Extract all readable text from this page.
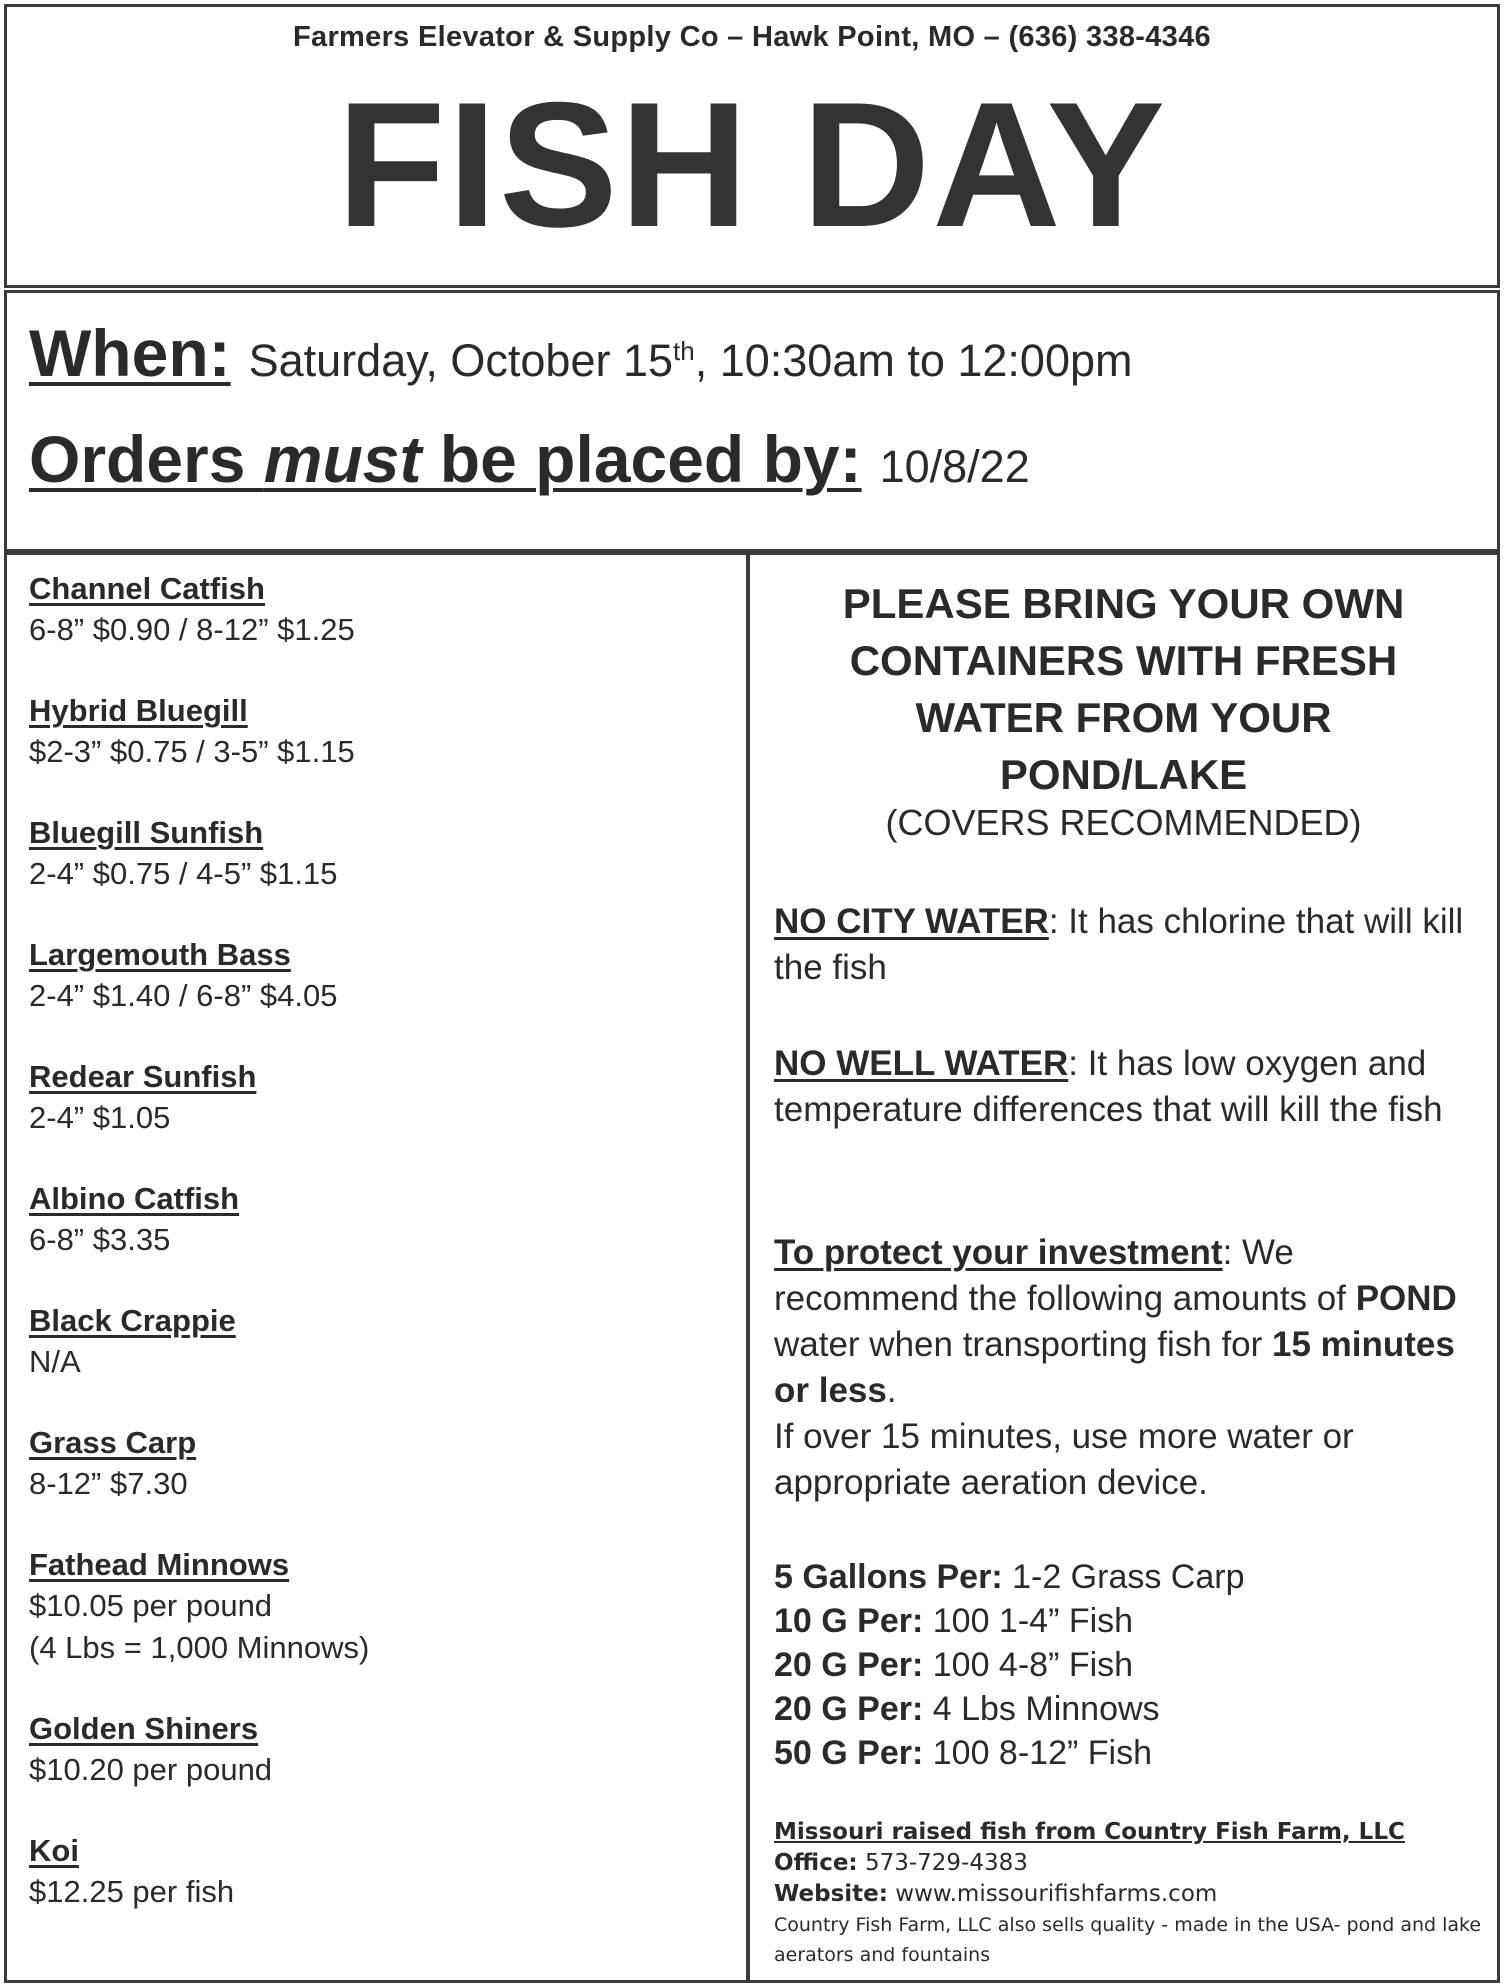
Farmers Elevator & Supply Co – Hawk Point, MO – (636) 338-4346
FISH DAY
When: Saturday, October 15th, 10:30am to 12:00pm
Orders must be placed by: 10/8/22
Channel Catfish
6-8” $0.90 / 8-12” $1.25
Hybrid Bluegill
$2-3” $0.75 / 3-5” $1.15
Bluegill Sunfish
2-4” $0.75 / 4-5” $1.15
Largemouth Bass
2-4” $1.40 / 6-8” $4.05
Redear Sunfish
2-4” $1.05
Albino Catfish
6-8” $3.35
Black Crappie
N/A
Grass Carp
8-12” $7.30
Fathead Minnows
$10.05 per pound
(4 Lbs = 1,000 Minnows)
Golden Shiners
$10.20 per pound
Koi
$12.25 per fish
PLEASE BRING YOUR OWN
CONTAINERS WITH FRESH
WATER FROM YOUR
POND/LAKE
(COVERS RECOMMENDED)
NO CITY WATER: It has chlorine that will kill the fish
NO WELL WATER: It has low oxygen and temperature differences that will kill the fish
To protect your investment: We recommend the following amounts of POND water when transporting fish for 15 minutes or less.
If over 15 minutes, use more water or appropriate aeration device.
5 Gallons Per: 1-2 Grass Carp
10 G Per: 100 1-4” Fish
20 G Per: 100 4-8” Fish
20 G Per: 4 Lbs Minnows
50 G Per: 100 8-12” Fish
Missouri raised fish from Country Fish Farm, LLC
Office: 573-729-4383
Website: www.missourifishfarms.com
Country Fish Farm, LLC also sells quality - made in the USA- pond and lake aerators and fountains
